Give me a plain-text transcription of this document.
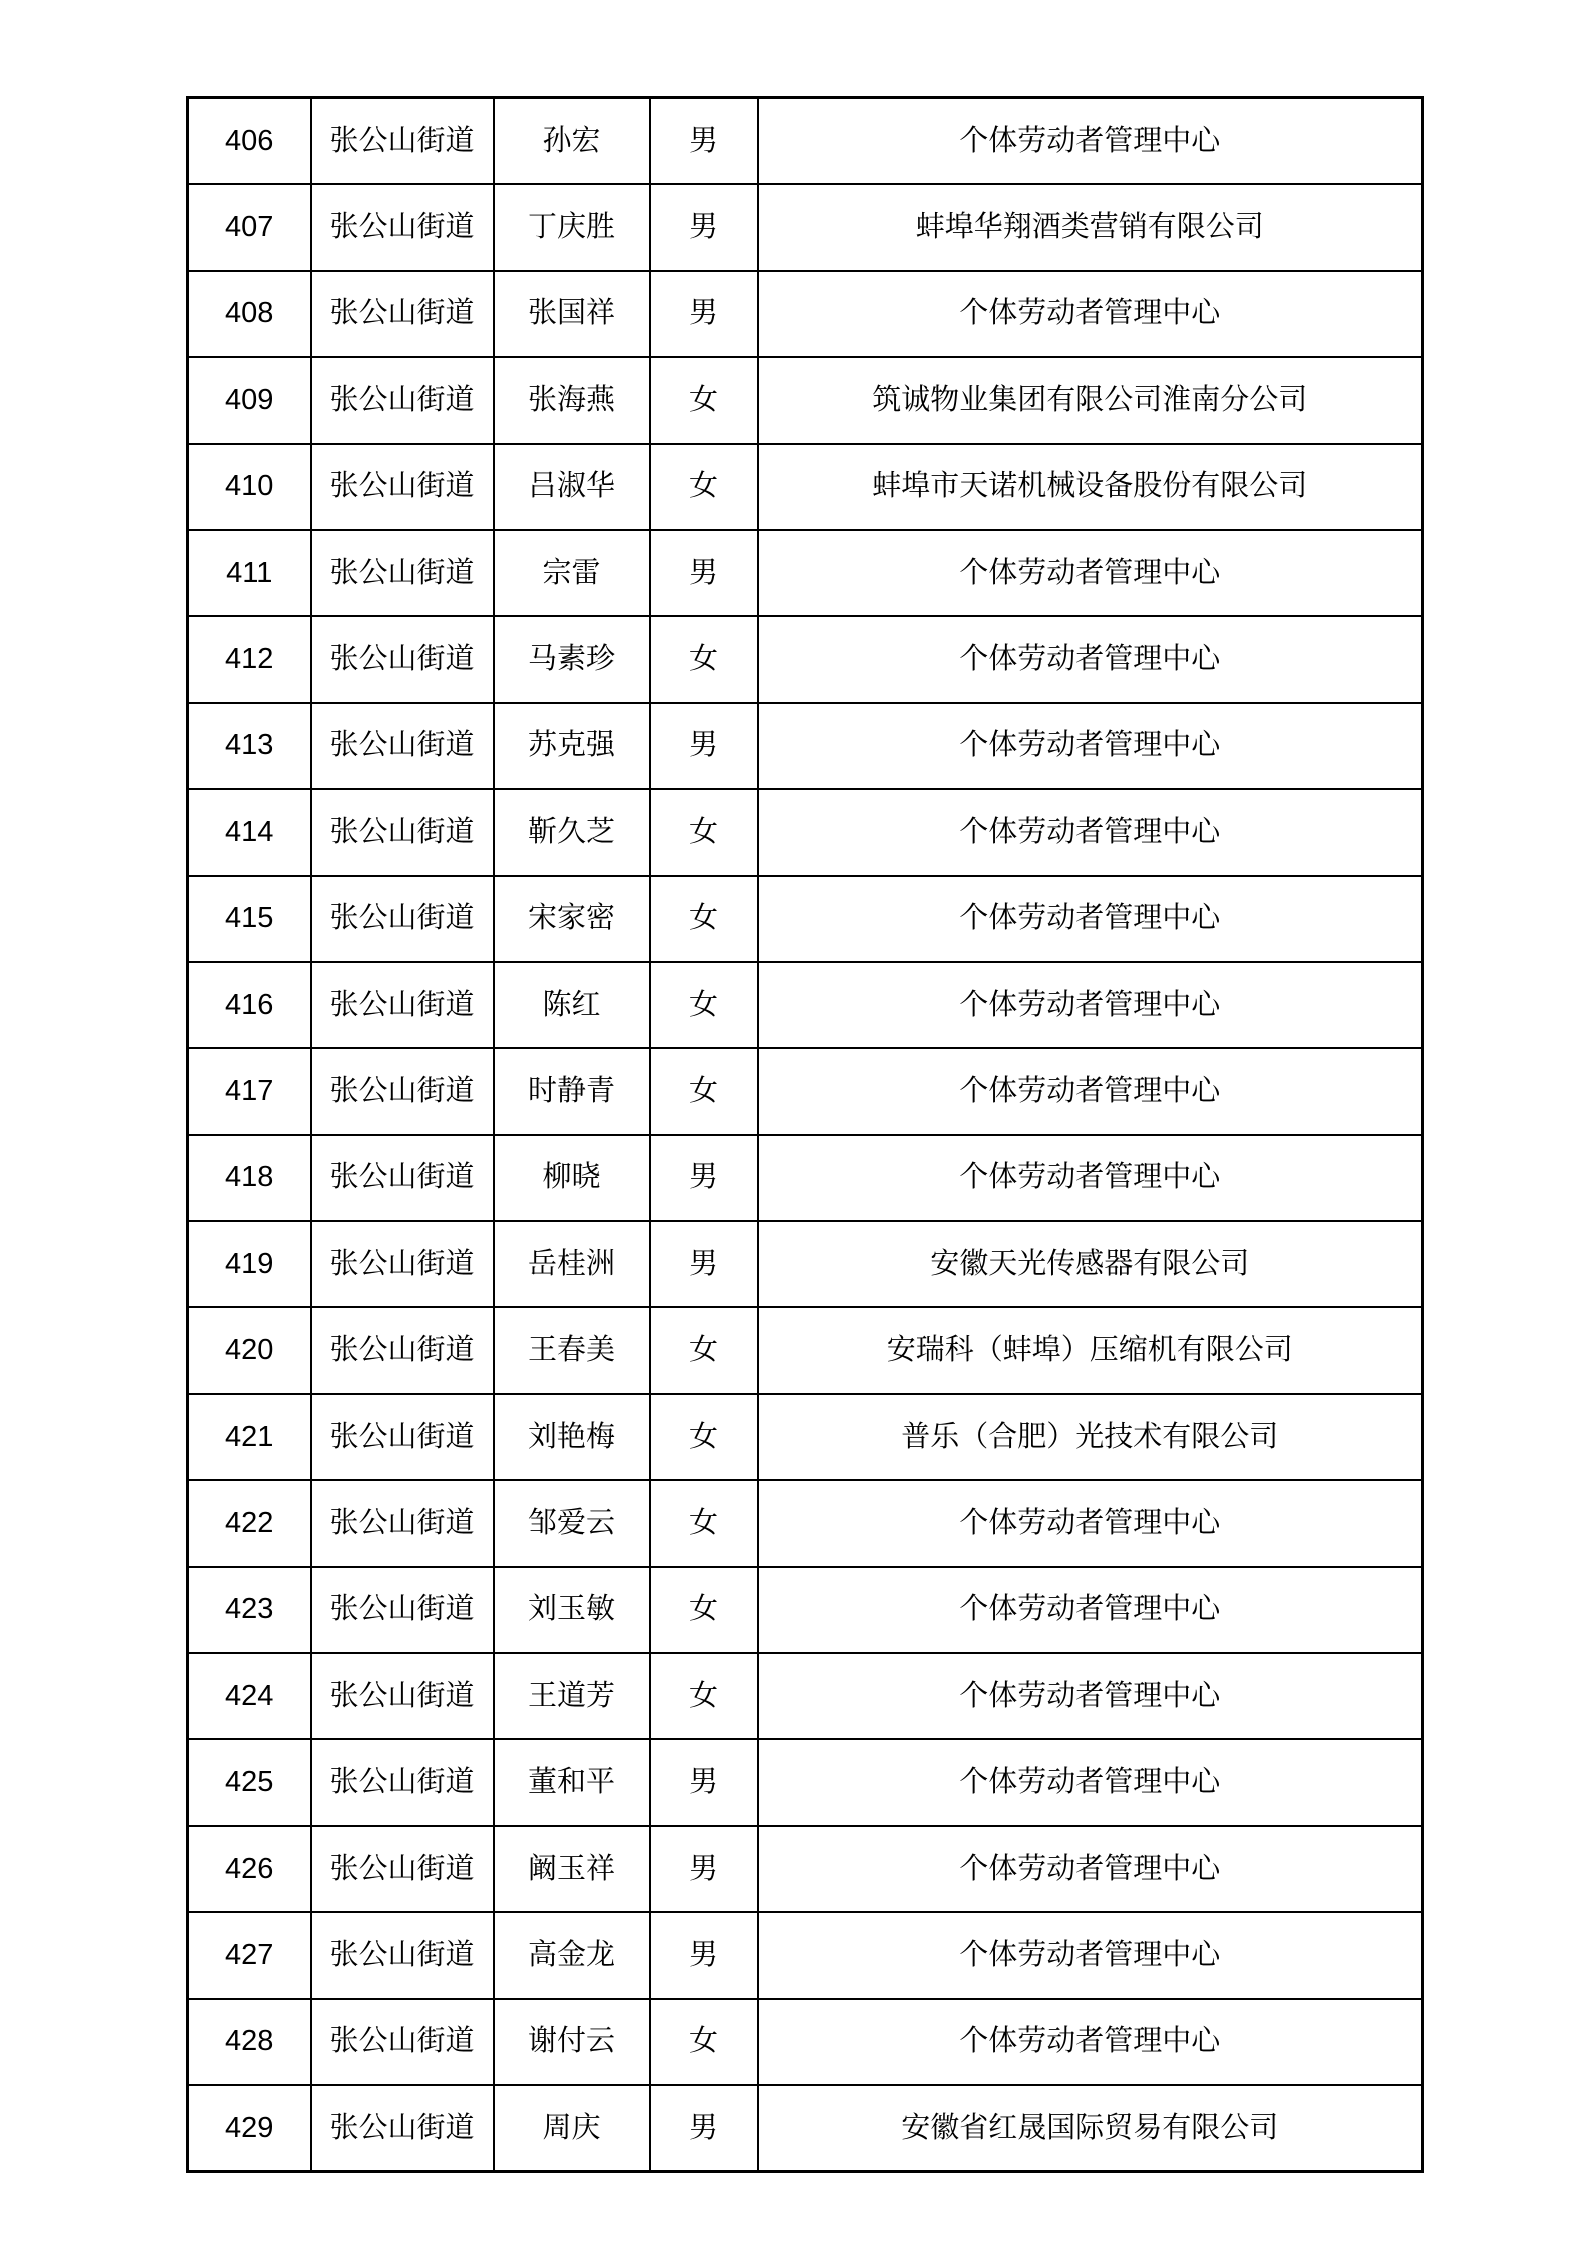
406	张公山街道	孙宏	男	个体劳动者管理中心
407	张公山街道	丁庆胜	男	蚌埠华翔酒类营销有限公司
408	张公山街道	张国祥	男	个体劳动者管理中心
409	张公山街道	张海燕	女	筑诚物业集团有限公司淮南分公司
410	张公山街道	吕淑华	女	蚌埠市天诺机械设备股份有限公司
411	张公山街道	宗雷	男	个体劳动者管理中心
412	张公山街道	马素珍	女	个体劳动者管理中心
413	张公山街道	苏克强	男	个体劳动者管理中心
414	张公山街道	靳久芝	女	个体劳动者管理中心
415	张公山街道	宋家密	女	个体劳动者管理中心
416	张公山街道	陈红	女	个体劳动者管理中心
417	张公山街道	时静青	女	个体劳动者管理中心
418	张公山街道	柳晓	男	个体劳动者管理中心
419	张公山街道	岳桂洲	男	安徽天光传感器有限公司
420	张公山街道	王春美	女	安瑞科（蚌埠）压缩机有限公司
421	张公山街道	刘艳梅	女	普乐（合肥）光技术有限公司
422	张公山街道	邹爱云	女	个体劳动者管理中心
423	张公山街道	刘玉敏	女	个体劳动者管理中心
424	张公山街道	王道芳	女	个体劳动者管理中心
425	张公山街道	董和平	男	个体劳动者管理中心
426	张公山街道	阚玉祥	男	个体劳动者管理中心
427	张公山街道	高金龙	男	个体劳动者管理中心
428	张公山街道	谢付云	女	个体劳动者管理中心
429	张公山街道	周庆	男	安徽省红晟国际贸易有限公司
